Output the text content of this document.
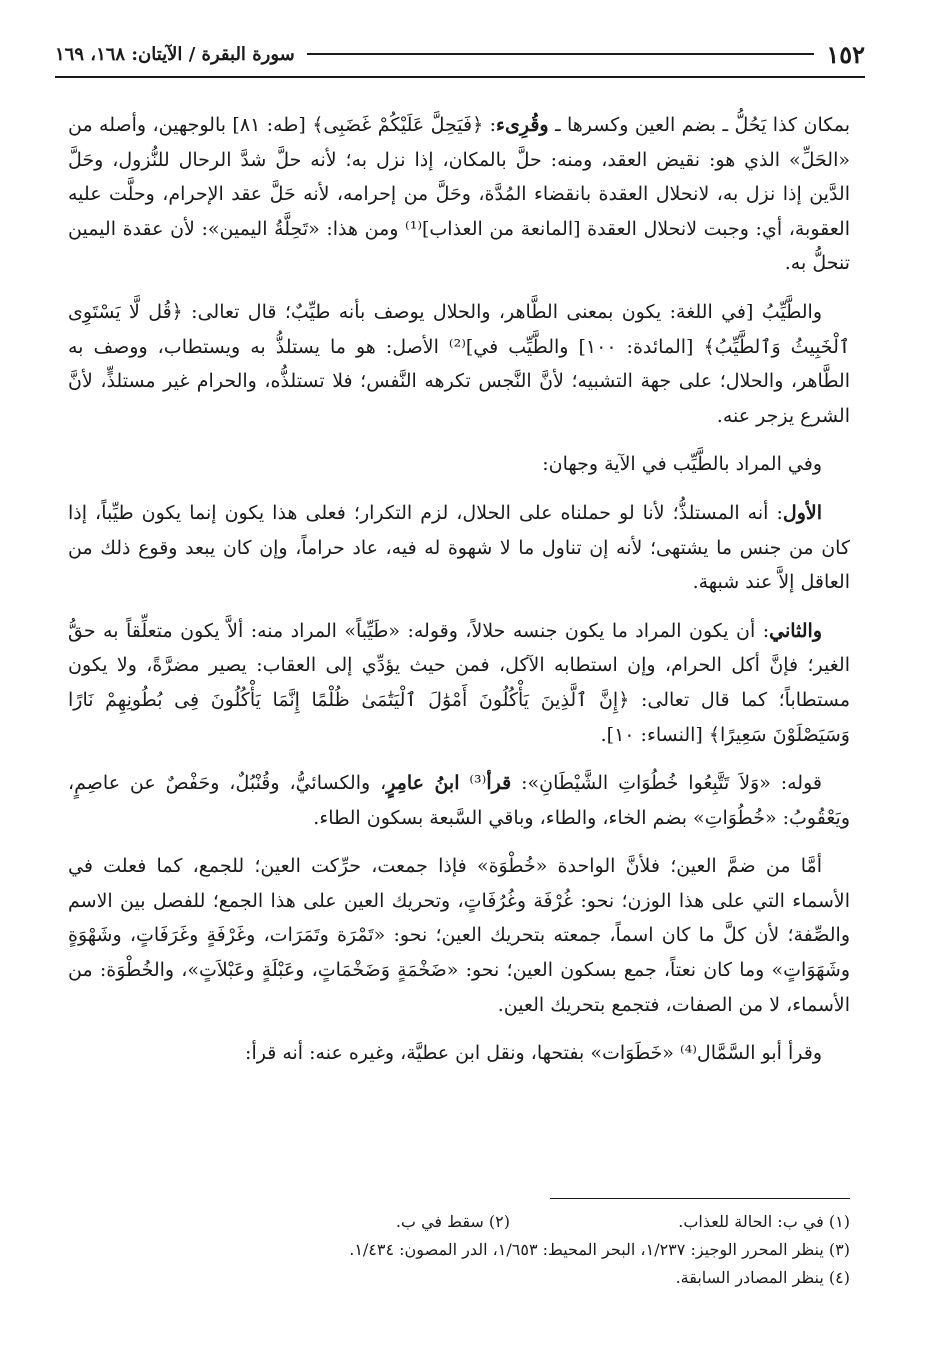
١٥٢
سورة البقرة / الآيتان: ١٦٨، ١٦٩

بمكان كذا يَحُلُّ ـ بضم العين وكسرها ـ وقُرِىء: ﴿فَيَحِلَّ عَلَيْكُمْ غَضَبِى﴾ [طه: ٨١] بالوجهين، وأصله من «الحَلِّ» الذي هو: نقيض العقد، ومنه: حلَّ بالمكان، إذا نزل به؛ لأنه حلَّ شدَّ الرحال للنُّزول، وحَلَّ الدَّين إذا نزل به، لانحلال العقدة بانقضاء المُدَّة، وحَلَّ من إحرامه، لأنه حَلَّ عقد الإحرام، وحلَّت عليه العقوبة، أي: وجبت لانحلال العقدة [المانعة من العذاب]⁽¹⁾ ومن هذا: «تَحِلَّةُ اليمين»: لأن عقدة اليمين تنحلُّ به.

والطَّيِّبُ [في اللغة: يكون بمعنى الطَّاهر، والحلال يوصف بأنه طيِّبٌ؛ قال تعالى: ﴿قُل لَّا يَسْتَوِى ٱلْخَبِيثُ وَٱلطَّيِّبُ﴾ [المائدة: ١٠٠] والطَّيِّب في]⁽²⁾ الأصل: هو ما يستلذُّ به ويستطاب، ووصف به الطَّاهر، والحلال؛ على جهة التشبيه؛ لأنَّ النَّجس تكرهه النَّفس؛ فلا تستلذُّه، والحرام غير مستلذٍّ، لأنَّ الشرع يزجر عنه.

وفي المراد بالطَّيِّب في الآية وجهان:

الأول: أنه المستلذُّ؛ لأنا لو حملناه على الحلال، لزم التكرار؛ فعلى هذا يكون إنما يكون طيِّباً، إذا كان من جنس ما يشتهى؛ لأنه إن تناول ما لا شهوة له فيه، عاد حراماً، وإن كان يبعد وقوع ذلك من العاقل إلاَّ عند شبهة.

والثاني: أن يكون المراد ما يكون جنسه حلالاً، وقوله: «طَيِّباً» المراد منه: ألاَّ يكون متعلِّقاً به حقُّ الغير؛ فإنَّ أكل الحرام، وإن استطابه الآكل، فمن حيث يؤدِّي إلى العقاب: يصير مضرَّةً، ولا يكون مستطاباً؛ كما قال تعالى: ﴿إِنَّ ٱلَّذِينَ يَأْكُلُونَ أَمْوَٰلَ ٱلْيَتَٰمَىٰ ظُلْمًا إِنَّمَا يَأْكُلُونَ فِى بُطُونِهِمْ نَارًا وَسَيَصْلَوْنَ سَعِيرًا﴾ [النساء: ١٠].

قوله: «وَلاَ تَتَّبِعُوا خُطُوَاتِ الشَّيْطَانِ»: قرأ⁽³⁾ ابنُ عامِرٍ، والكسائيُّ، وقُنْبُلٌ، وحَفْصٌ عن عاصِمٍ، ويَعْقُوبُ: «خُطُوَاتِ» بضم الخاء، والطاء، وباقي السَّبعة بسكون الطاء.

أمَّا من ضمَّ العين؛ فلأنَّ الواحدة «خُطْوَة» فإذا جمعت، حرِّكت العين؛ للجمع، كما فعلت في الأسماء التي على هذا الوزن؛ نحو: غُرْفَة وغُرُفَاتٍ، وتحريك العين على هذا الجمع؛ للفصل بين الاسم والصِّفة؛ لأن كلَّ ما كان اسماً، جمعته بتحريك العين؛ نحو: «تَمْرَة وتَمَرَات، وغَرْفَةٍ وغَرَفَاتٍ، وشَهْوَةٍ وشَهَوَاتٍ» وما كان نعتاً، جمع بسكون العين؛ نحو: «ضَخْمَةٍ وَضَخْمَاتٍ، وعَبْلَةٍ وعَبْلاَتٍ»، والخُطْوَة: من الأسماء، لا من الصفات، فتجمع بتحريك العين.

وقرأ أبو السَّمَّال⁽⁴⁾ «خَطَوَات» بفتحها، ونقل ابن عطيَّة، وغيره عنه: أنه قرأ:

(١) في ب: الحالة للعذاب.
(٢) سقط في ب.
(٣) ينظر المحرر الوجيز: ١/٢٣٧، البحر المحيط: ١/٦٥٣، الدر المصون: ١/٤٣٤.
(٤) ينظر المصادر السابقة.
